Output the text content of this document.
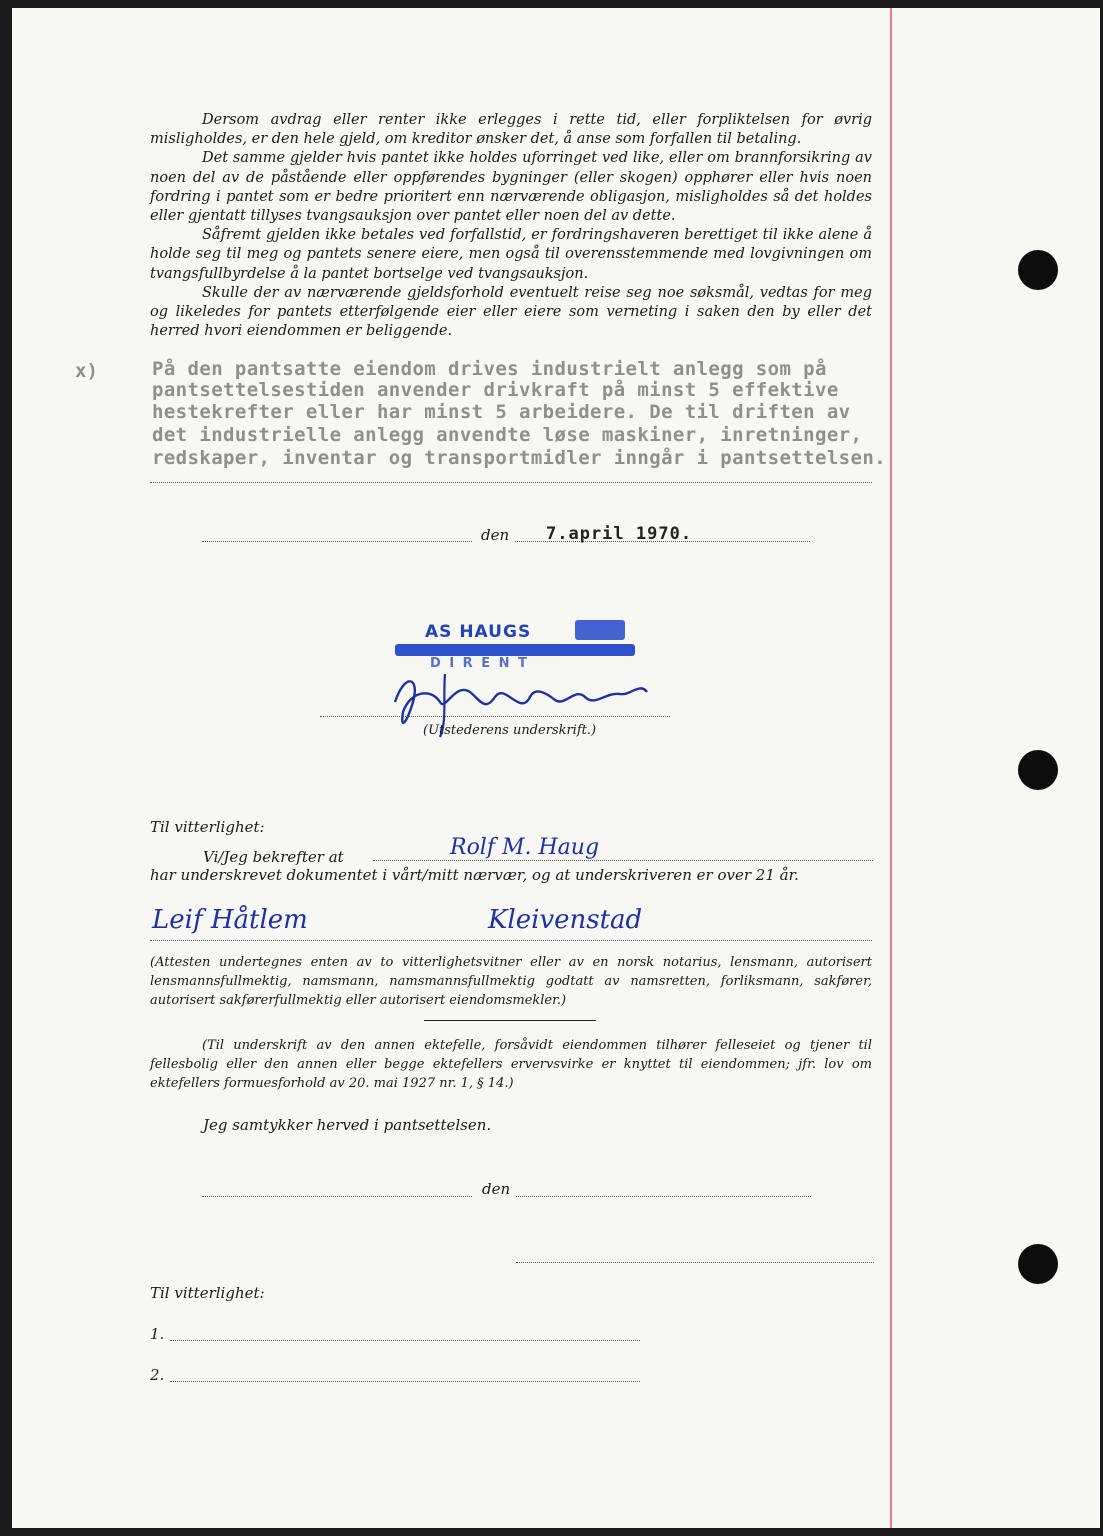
Dersom avdrag eller renter ikke erlegges i rette tid, eller forpliktelsen for øvrig misligholdes, er den hele gjeld, om kreditor ønsker det, å anse som forfallen til betaling.

Det samme gjelder hvis pantet ikke holdes uforringet ved like, eller om brannforsikring av noen del av de påstående eller oppførendes bygninger (eller skogen) opphører eller hvis noen fordring i pantet som er bedre prioritert enn nærværende obligasjon, misligholdes så det holdes eller gjentatt tillyses tvangsauksjon over pantet eller noen del av dette.

Såfremt gjelden ikke betales ved forfallstid, er fordringshaveren berettiget til ikke alene å holde seg til meg og pantets senere eiere, men også til overensstemmende med lovgivningen om tvangsfullbyrdelse å la pantet bortselge ved tvangsauksjon.

Skulle der av nærværende gjeldsforhold eventuelt reise seg noe søksmål, vedtas for meg og likeledes for pantets etterfølgende eier eller eiere som verneting i saken den by eller det herred hvori eiendommen er beliggende.

x)	På den pantsatte eiendom drives industrielt anlegg som på
pantsettelsestiden anvender drivkraft på minst 5 effektive
hestekrefter eller har minst 5 arbeidere. De til driften av
det industrielle anlegg anvendte løse maskiner, inretninger,
redskaper, inventar og transportmidler inngår i pantsettelsen.
den 7.april 1970.
AS HAUGS
D I R E N T
(Utstederens underskrift.)
Til vitterlighet:
Vi/Jeg bekrefter at	Rolf M. Haug
har underskrevet dokumentet i vårt/mitt nærvær, og at underskriveren er over 21 år.
Leif Håtlem	Kleivenstad
(Attesten undertegnes enten av to vitterlighetsvitner eller av en norsk notarius, lensmann, autorisert lensmannsfullmektig, namsmann, namsmannsfullmektig godtatt av namsretten, forliksmann, sakfører, autorisert sakførerfullmektig eller autorisert eiendomsmekler.)
(Til underskrift av den annen ektefelle, forsåvidt eiendommen tilhører felleseiet og tjener til fellesbolig eller den annen eller begge ektefellers ervervsvirke er knyttet til eiendommen; jfr. lov om ektefellers formuesforhold av 20. mai 1927 nr. 1, § 14.)
Jeg samtykker herved i pantsettelsen.
den
Til vitterlighet:
1.
2.
